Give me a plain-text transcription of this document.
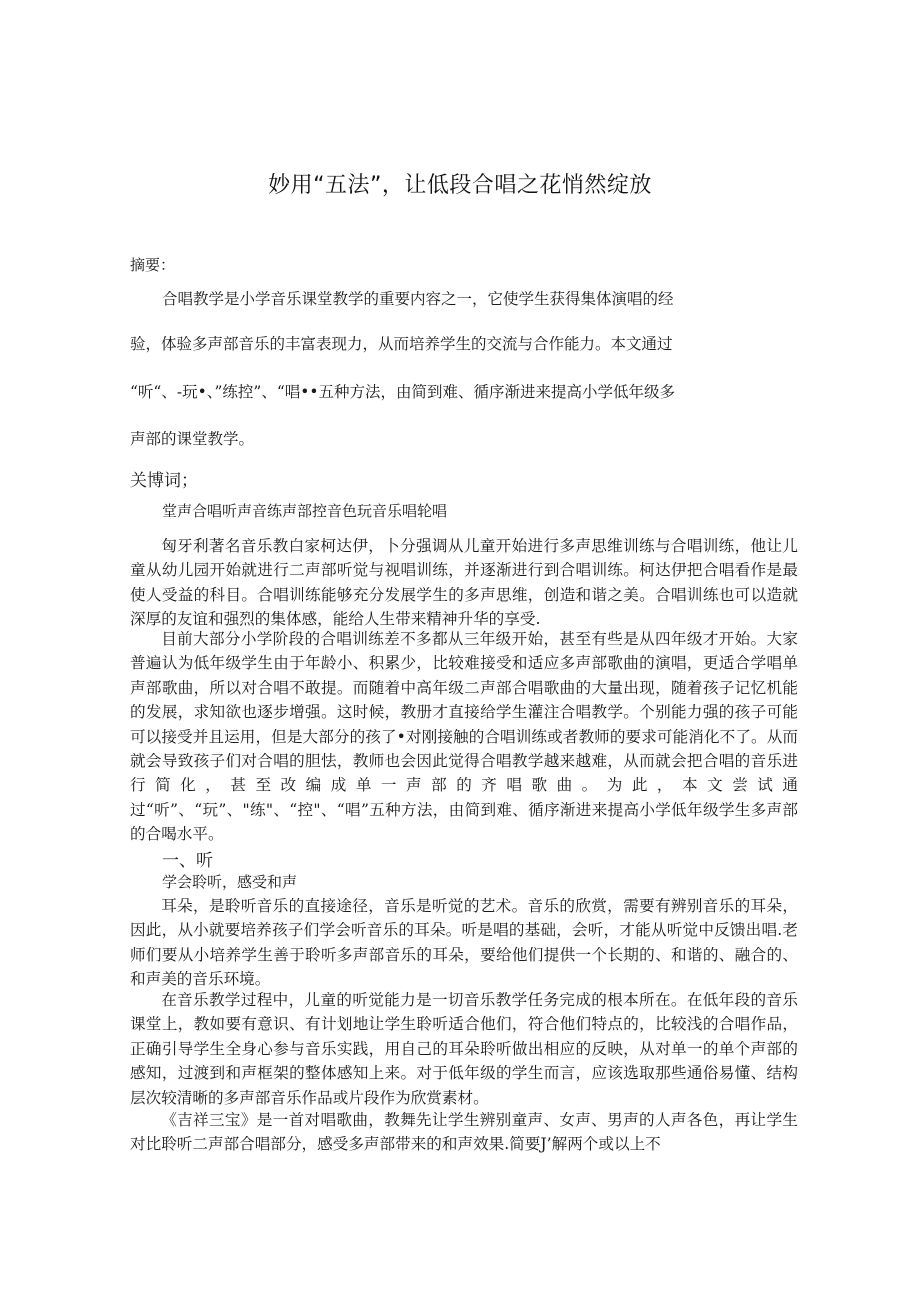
妙用“五法”，让低段合唱之花悄然绽放

摘要：

合唱教学是小学音乐课堂教学的重要内容之一，它使学生获得集体演唱的经

验，体验多声部音乐的丰富表现力，从而培养学生的交流与合作能力。本文通过

“听“、-玩•、”练控”、“唱••五种方法，由简到难、循序渐进来提高小学低年级多

声部的课堂教学。

关博词；

堂声合唱听声音练声部控音色玩音乐唱轮唱

匈牙利著名音乐教白家柯达伊，卜分强调从儿童开始进行多声思维训练与合唱训练，他让儿童从幼儿园开始就进行二声部听觉与视唱训练，并逐渐进行到合唱训练。柯达伊把合唱看作是最使人受益的科目。合唱训练能够充分发展学生的多声思维，创造和谐之美。合唱训练也可以造就深厚的友谊和强烈的集体感，能给人生带来精神升华的享受.

目前大部分小学阶段的合唱训练差不多都从三年级开始，甚至有些是从四年级才开始。大家普遍认为低年级学生由于年龄小、积累少，比较难接受和适应多声部歌曲的演唱，更适合学唱单声部歌曲，所以对合唱不敢提。而随着中高年级二声部合唱歌曲的大量出现，随着孩子记忆机能的发展，求知欲也逐步增强。这时候，教册才直接给学生灌注合唱教学。个别能力强的孩子可能可以接受并且运用，但是大部分的孩了•对刚接触的合唱训练或者教师的要求可能消化不了。从而就会导致孩子们对合唱的胆怯，教师也会因此觉得合唱教学越来越难，从而就会把合唱的音乐进行简化，甚至改编成单一声部的齐唱歌曲。为此，本文尝试通过“听”、“玩”、"练"、“控"、“唱”五种方法，由简到难、循序渐进来提高小学低年级学生多声部的合喝水平。

一、听

学会聆听，感受和声

耳朵，是聆听音乐的直接途径，音乐是听觉的艺术。音乐的欣赏，需要有辨别音乐的耳朵，因此，从小就要培养孩子们学会听音乐的耳朵。听是唱的基础，会听，才能从听觉中反馈出唱.老师们要从小培养学生善于聆听多声部音乐的耳朵，要给他们提供一个长期的、和谐的、融合的、和声美的音乐环境。

在音乐教学过程中，儿童的听觉能力是一切音乐教学任务完成的根本所在。在低年段的音乐课堂上，教如要有意识、有计划地让学生聆听适合他们，符合他们特点的，比较浅的合唱作品，正确引导学生全身心参与音乐实践，用自己的耳朵聆听做出相应的反映，从对单一的单个声部的感知，过渡到和声框架的整体感知上来。对于低年级的学生而言，应该选取那些通俗易懂、结构层次较清晰的多声部音乐作品或片段作为欣赏素材。

《吉祥三宝》是一首对唱歌曲，教舞先让学生辨别童声、女声、男声的人声各色，再让学生对比聆听二声部合唱部分，感受多声部带来的和声效果.简要J’解两个或以上不
